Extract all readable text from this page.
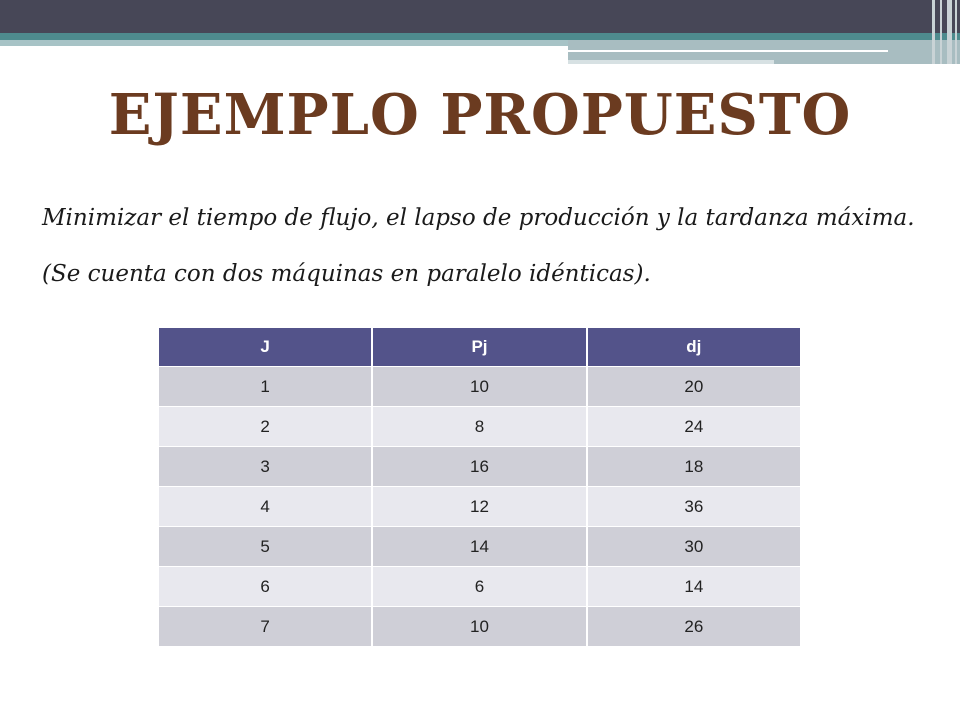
EJEMPLO PROPUESTO
Minimizar el tiempo de flujo, el lapso de producción y la tardanza máxima. (Se cuenta con dos máquinas en paralelo idénticas).
J	Pj	dj
1	10	20
2	8	24
3	16	18
4	12	36
5	14	30
6	6	14
7	10	26
